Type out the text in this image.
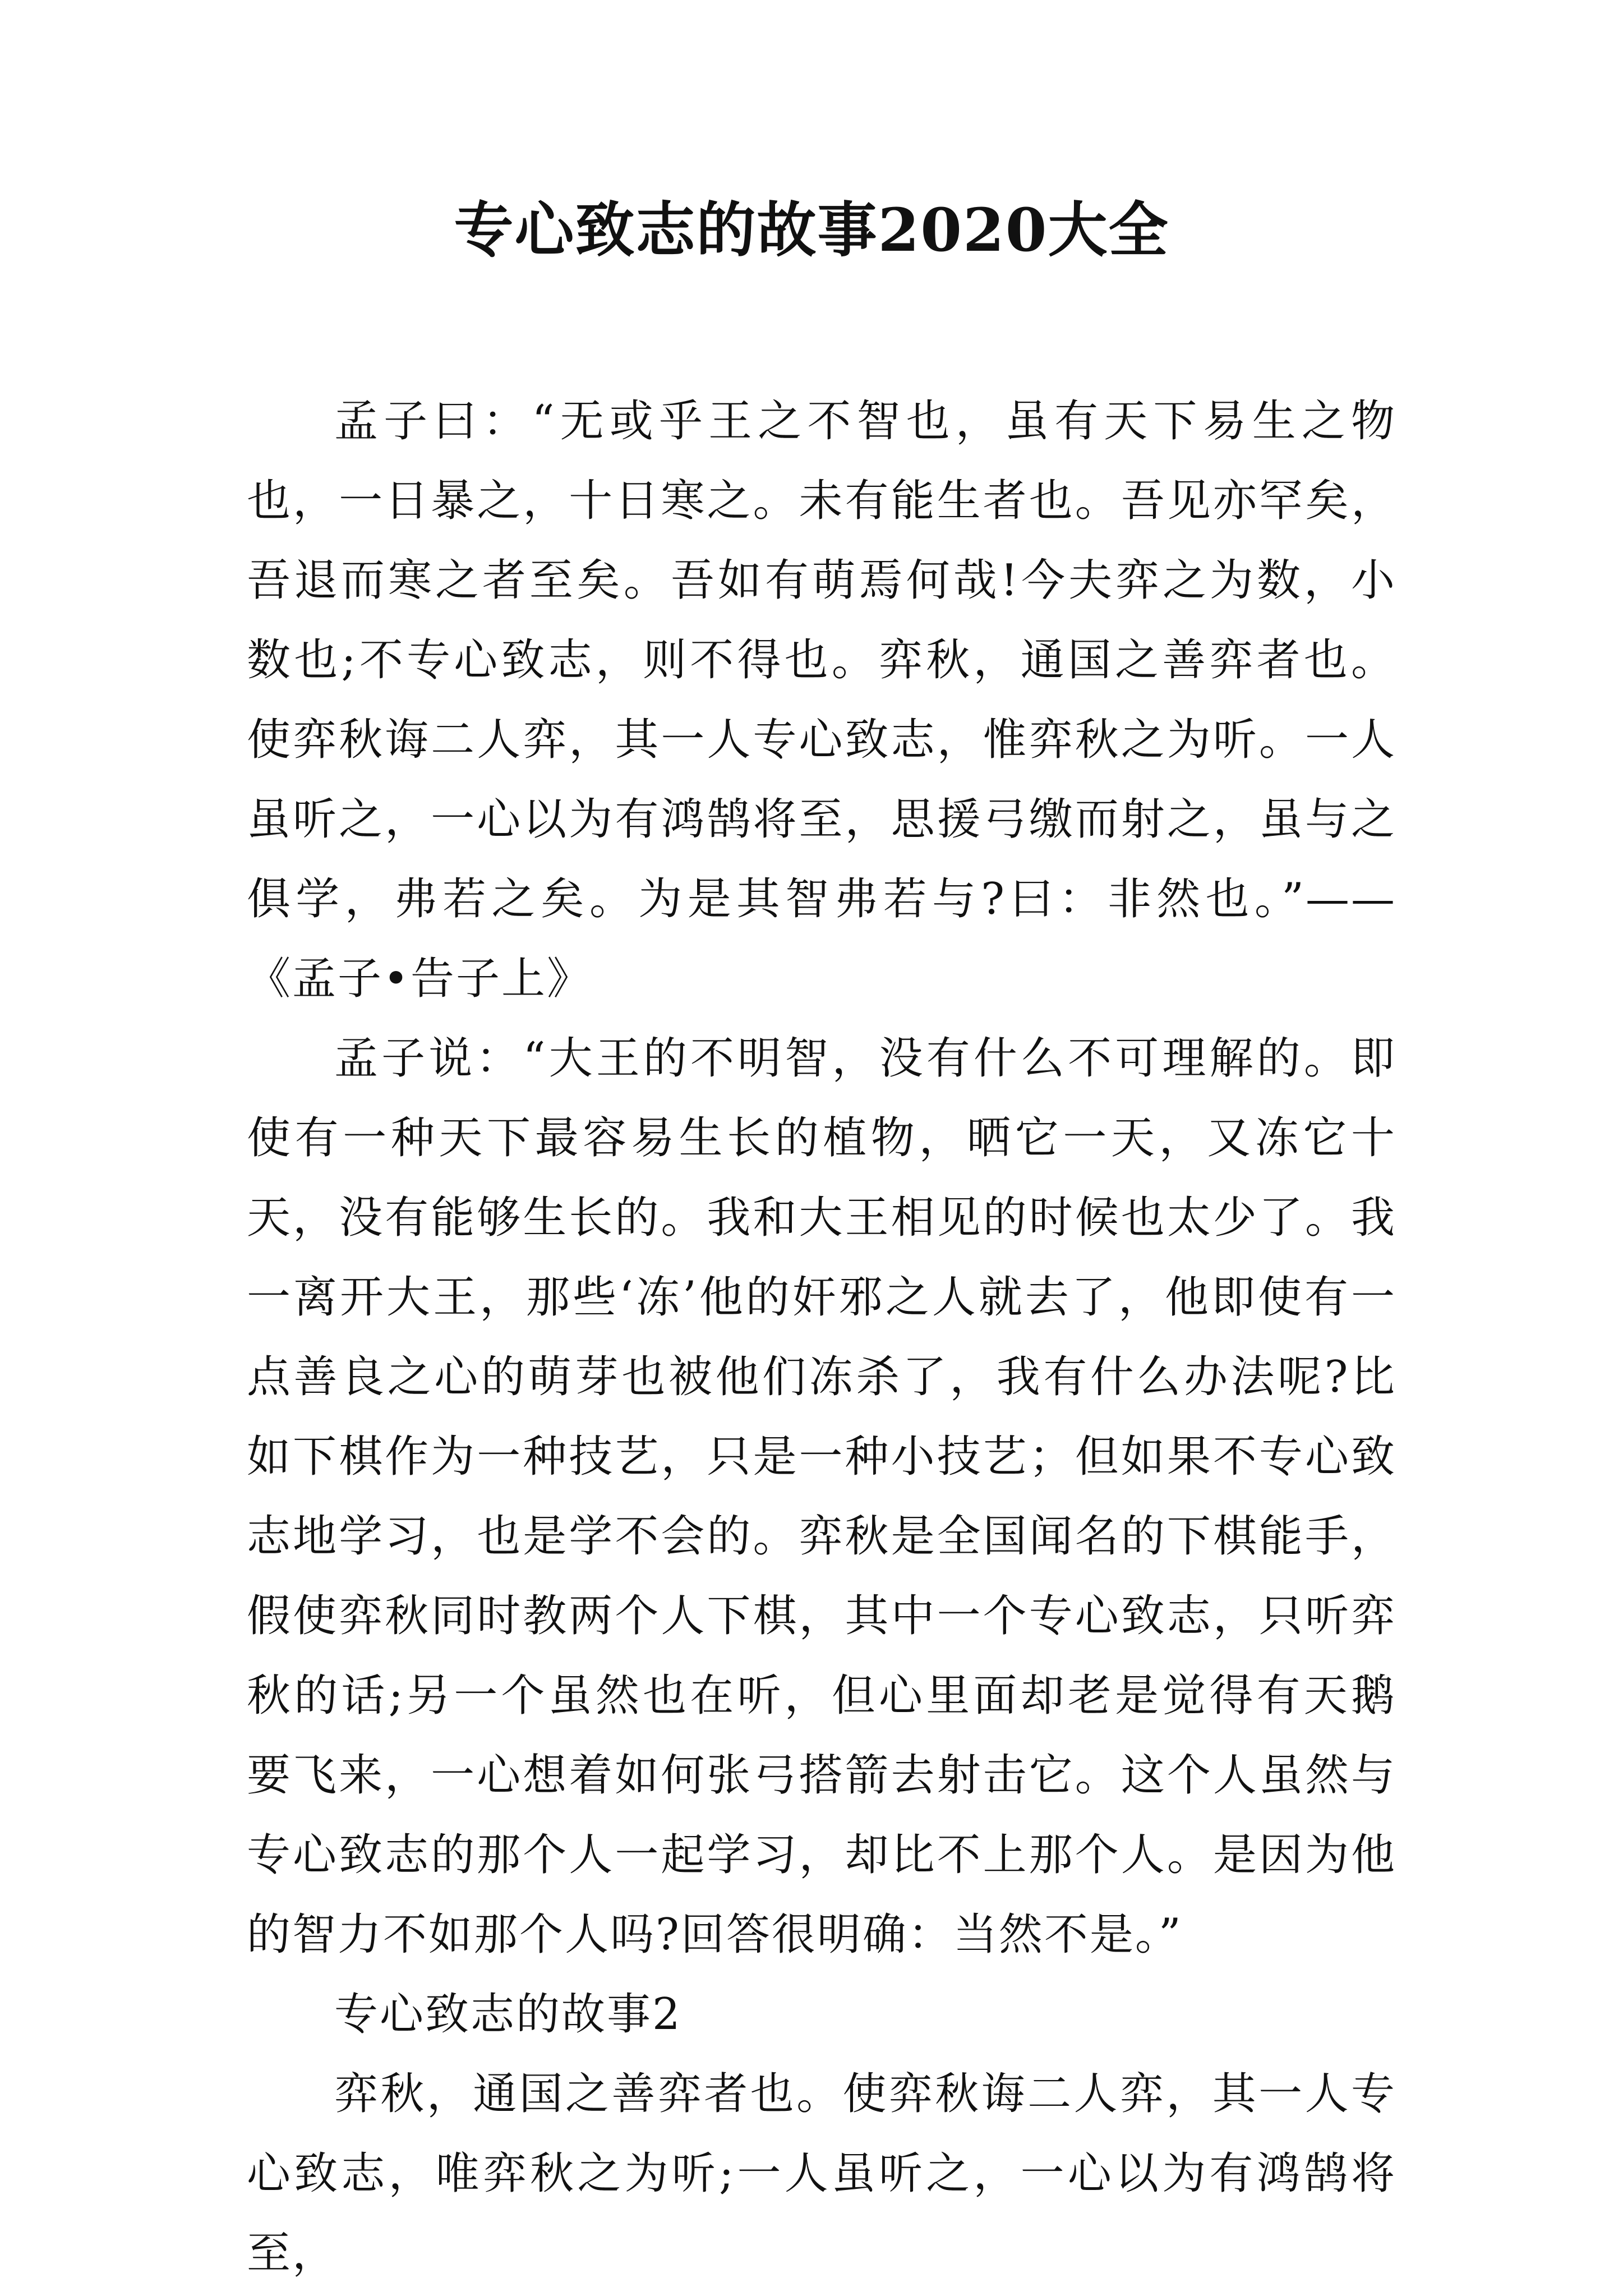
专心致志的故事2020大全

孟子曰：“无或乎王之不智也，虽有天下易生之物也，一日暴之，十日寒之。未有能生者也。吾见亦罕矣，吾退而寒之者至矣。吾如有萌焉何哉!今夫弈之为数，小数也;不专心致志，则不得也。弈秋，通国之善弈者也。使弈秋诲二人弈，其一人专心致志，惟弈秋之为听。一人虽听之，一心以为有鸿鹄将至，思援弓缴而射之，虽与之俱学，弗若之矣。为是其智弗若与?曰：非然也。”——《孟子•告子上》

孟子说：“大王的不明智，没有什么不可理解的。即使有一种天下最容易生长的植物，晒它一天，又冻它十天，没有能够生长的。我和大王相见的时候也太少了。我一离开大王，那些‘冻’他的奸邪之人就去了，他即使有一点善良之心的萌芽也被他们冻杀了，我有什么办法呢?比如下棋作为一种技艺，只是一种小技艺；但如果不专心致志地学习，也是学不会的。弈秋是全国闻名的下棋能手，假使弈秋同时教两个人下棋，其中一个专心致志，只听弈秋的话;另一个虽然也在听，但心里面却老是觉得有天鹅要飞来，一心想着如何张弓搭箭去射击它。这个人虽然与专心致志的那个人一起学习，却比不上那个人。是因为他的智力不如那个人吗?回答很明确：当然不是。”

专心致志的故事2

弈秋，通国之善弈者也。使弈秋诲二人弈，其一人专心致志，唯弈秋之为听;一人虽听之，一心以为有鸿鹄将至，
